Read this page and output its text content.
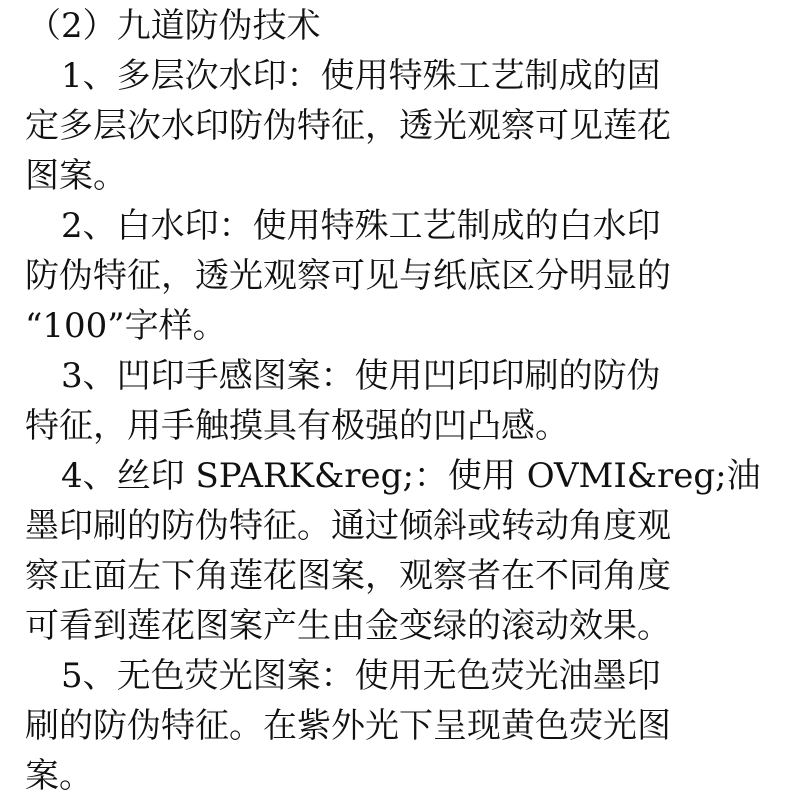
（2）九道防伪技术
1、多层次水印：使用特殊工艺制成的固
定多层次水印防伪特征，透光观察可见莲花
图案。
2、白水印：使用特殊工艺制成的白水印
防伪特征，透光观察可见与纸底区分明显的
“100”字样。
3、凹印手感图案：使用凹印印刷的防伪
特征，用手触摸具有极强的凹凸感。
4、丝印 SPARK&reg;：使用 OVMI&reg;油
墨印刷的防伪特征。通过倾斜或转动角度观
察正面左下角莲花图案，观察者在不同角度
可看到莲花图案产生由金变绿的滚动效果。
5、无色荧光图案：使用无色荧光油墨印
刷的防伪特征。在紫外光下呈现黄色荧光图
案。
